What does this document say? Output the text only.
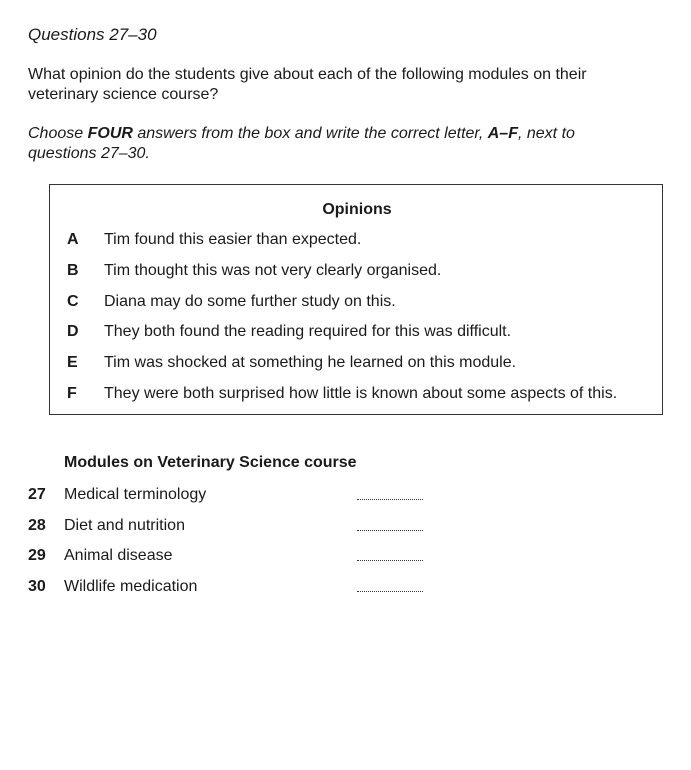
Questions 27–30

What opinion do the students give about each of the following modules on their veterinary science course?

Choose FOUR answers from the box and write the correct letter, A–F, next to questions 27–30.

Opinions
A Tim found this easier than expected.
B Tim thought this was not very clearly organised.
C Diana may do some further study on this.
D They both found the reading required for this was difficult.
E Tim was shocked at something he learned on this module.
F They were both surprised how little is known about some aspects of this.
Modules on Veterinary Science course
27 Medical terminology
28 Diet and nutrition
29 Animal disease
30 Wildlife medication
